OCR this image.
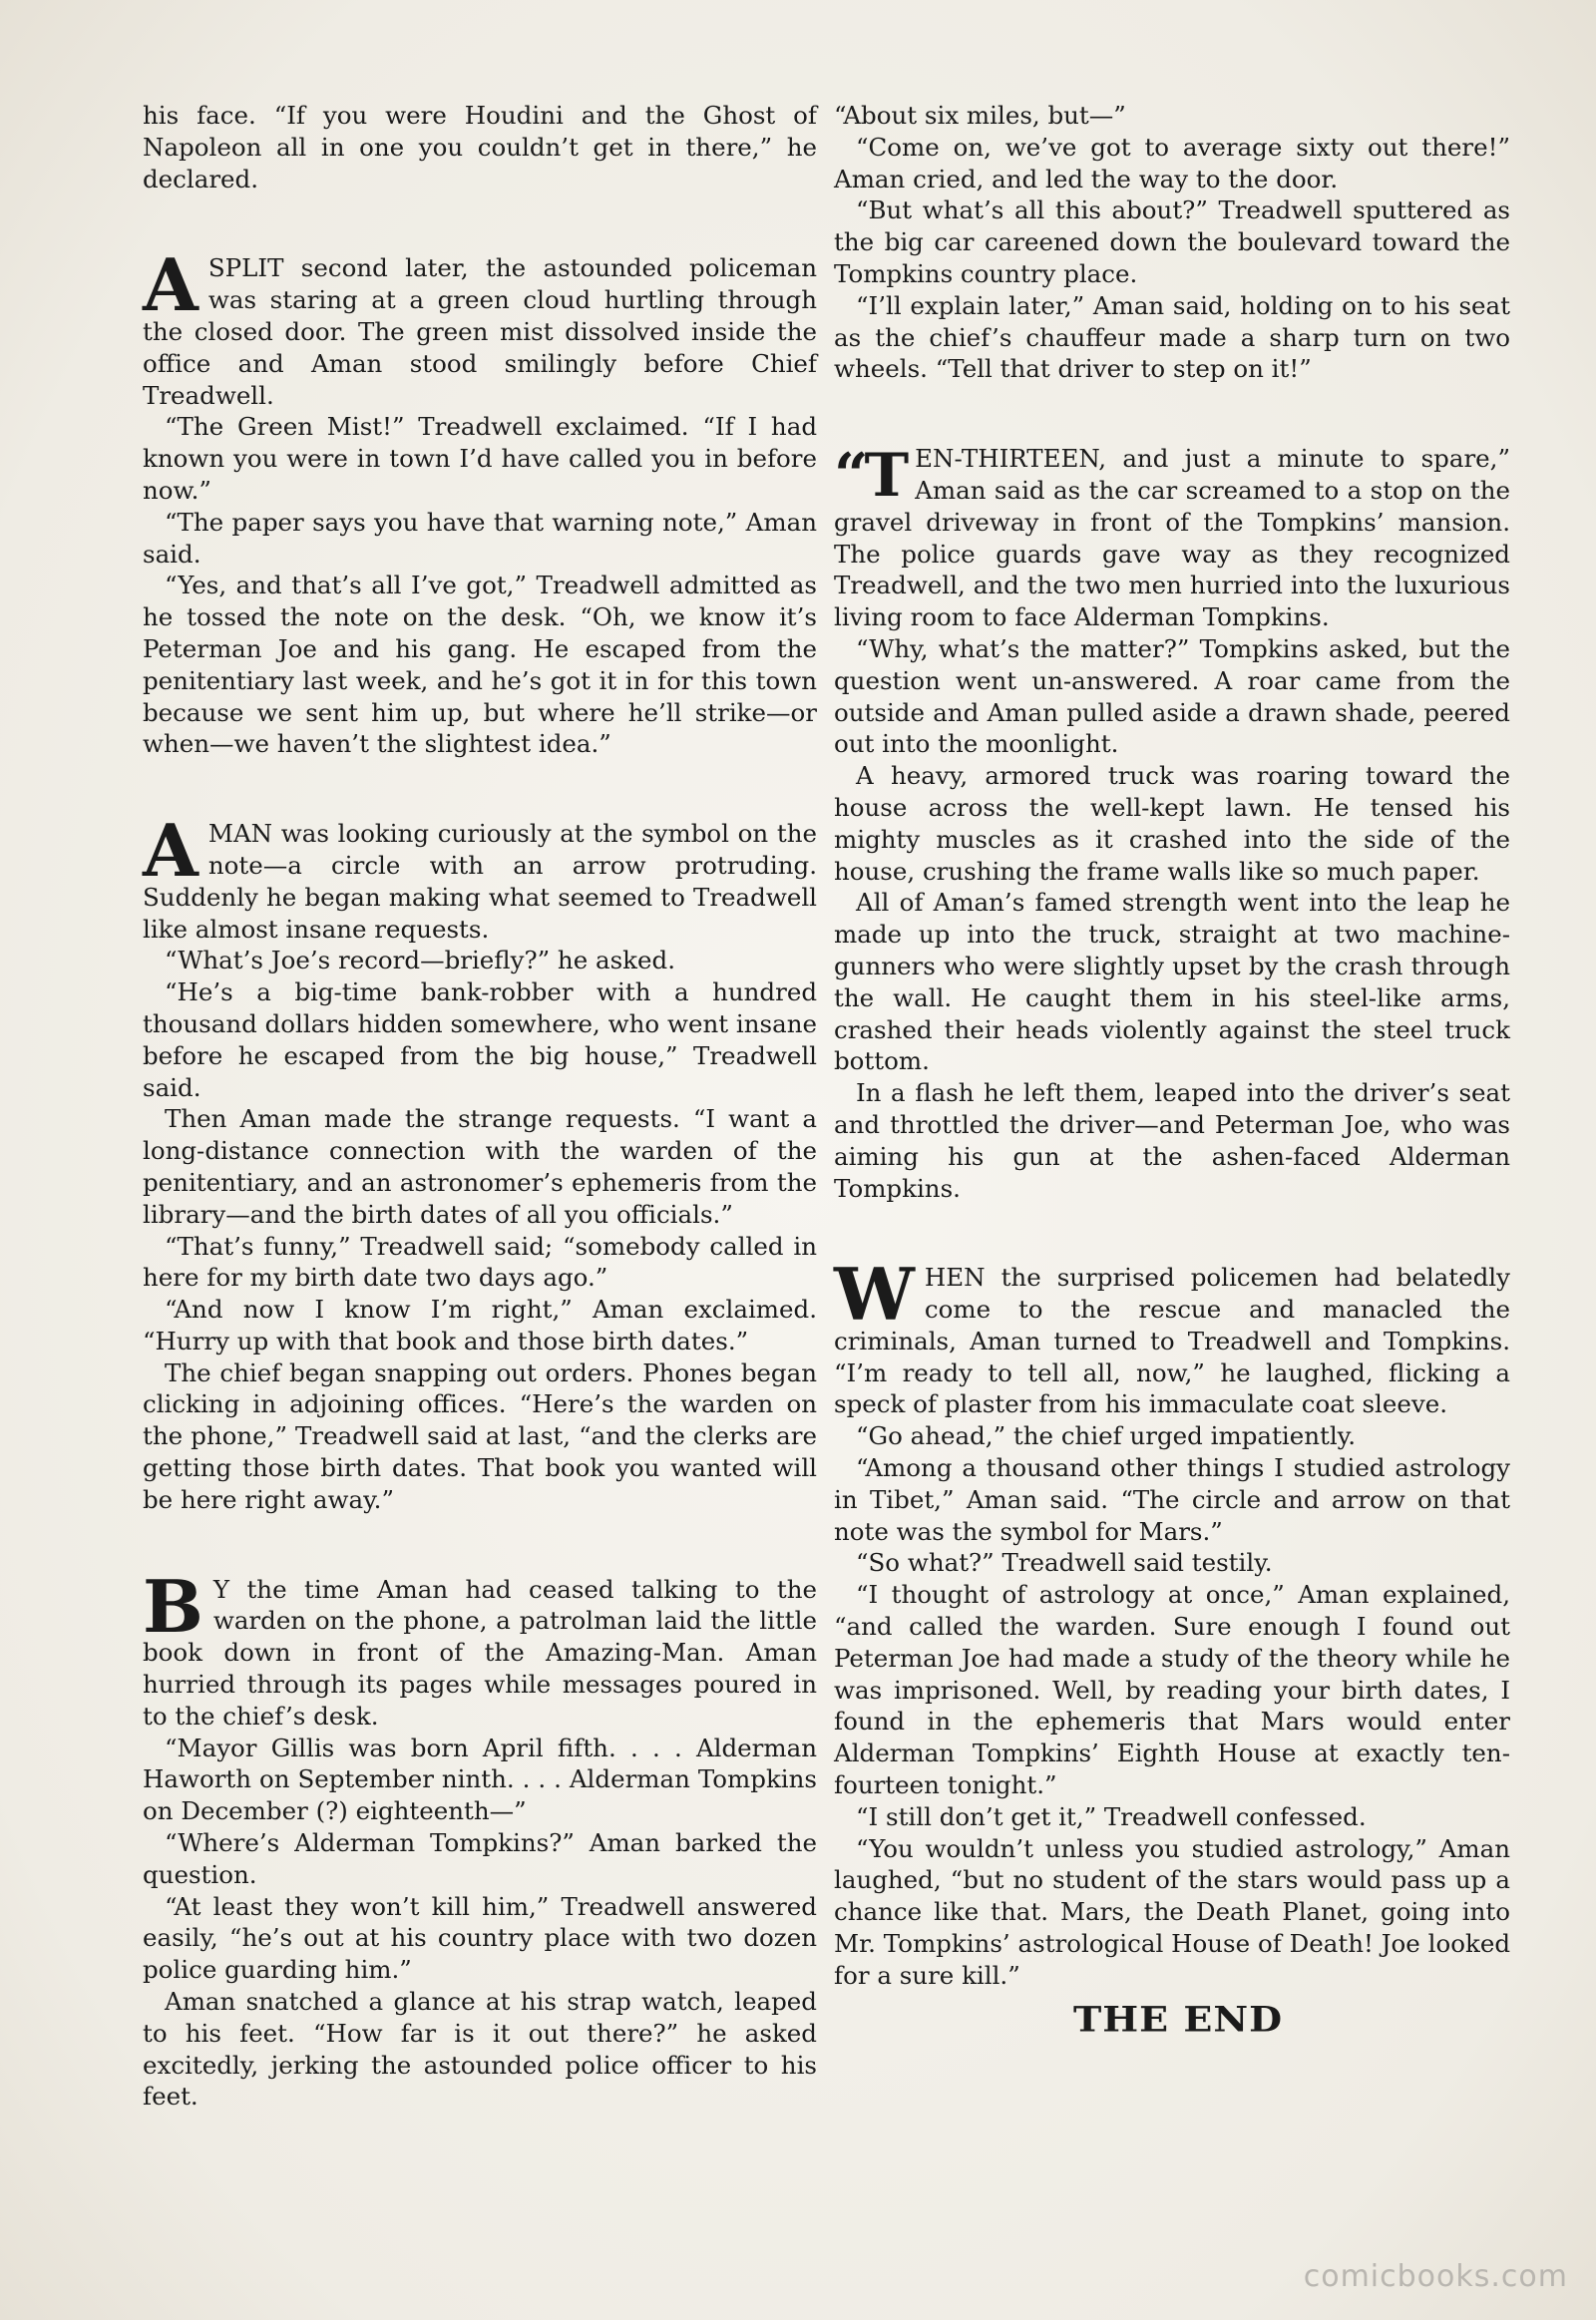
his face. “If you were Houdini and the Ghost of Napoleon all in one you couldn’t get in there,” he declared.

ASPLIT second later, the astounded policeman was staring at a green cloud hurtling through the closed door. The green mist dissolved inside the office and Aman stood smilingly before Chief Treadwell.

“The Green Mist!” Treadwell exclaimed. “If I had known you were in town I’d have called you in before now.”

“The paper says you have that warning note,” Aman said.

“Yes, and that’s all I’ve got,” Treadwell admitted as he tossed the note on the desk. “Oh, we know it’s Peterman Joe and his gang. He escaped from the penitentiary last week, and he’s got it in for this town because we sent him up, but where he’ll strike—or when—we haven’t the slightest idea.”

AMAN was looking curiously at the symbol on the note—a circle with an arrow protruding. Suddenly he began making what seemed to Treadwell like almost insane requests.

“What’s Joe’s record—briefly?” he asked.

“He’s a big-time bank-robber with a hundred thousand dollars hidden somewhere, who went insane before he escaped from the big house,” Treadwell said.

Then Aman made the strange requests. “I want a long-distance connection with the warden of the penitentiary, and an astronomer’s ephemeris from the library—and the birth dates of all you officials.”

“That’s funny,” Treadwell said; “somebody called in here for my birth date two days ago.”

“And now I know I’m right,” Aman exclaimed. “Hurry up with that book and those birth dates.”

The chief began snapping out orders. Phones began clicking in adjoining offices. “Here’s the warden on the phone,” Treadwell said at last, “and the clerks are getting those birth dates. That book you wanted will be here right away.”

B Y the time Aman had ceased talking to the warden on the phone, a patrolman laid the little book down in front of the Amazing-Man. Aman hurried through its pages while messages poured in to the chief’s desk.

“Mayor Gillis was born April fifth. . . . Alderman Haworth on September ninth. . . . Alderman Tompkins on December (?) eighteenth—”

“Where’s Alderman Tompkins?” Aman barked the question.

“At least they won’t kill him,” Treadwell answered easily, “he’s out at his country place with two dozen police guarding him.”

Aman snatched a glance at his strap watch, leaped to his feet. “How far is it out there?” he asked excitedly, jerking the astounded police officer to his feet.

“About six miles, but—”

“Come on, we’ve got to average sixty out there!” Aman cried, and led the way to the door.

“But what’s all this about?” Treadwell sputtered as the big car careened down the boulevard toward the Tompkins country place.

“I’ll explain later,” Aman said, holding on to his seat as the chief’s chauffeur made a sharp turn on two wheels. “Tell that driver to step on it!”

“TEN-THIRTEEN, and just a minute to spare,” Aman said as the car screamed to a stop on the gravel driveway in front of the Tompkins’ mansion. The police guards gave way as they recognized Treadwell, and the two men hurried into the luxurious living room to face Alderman Tompkins.

“Why, what’s the matter?” Tompkins asked, but the question went un-answered. A roar came from the outside and Aman pulled aside a drawn shade, peered out into the moonlight.

A heavy, armored truck was roaring toward the house across the well-kept lawn. He tensed his mighty muscles as it crashed into the side of the house, crushing the frame walls like so much paper.

All of Aman’s famed strength went into the leap he made up into the truck, straight at two machine-gunners who were slightly upset by the crash through the wall. He caught them in his steel-like arms, crashed their heads violently against the steel truck bottom.

In a flash he left them, leaped into the driver’s seat and throttled the driver—and Peterman Joe, who was aiming his gun at the ashen-faced Alderman Tompkins.

WHEN the surprised policemen had belatedly come to the rescue and manacled the criminals, Aman turned to Treadwell and Tompkins. “I’m ready to tell all, now,” he laughed, flicking a speck of plaster from his immaculate coat sleeve.

“Go ahead,” the chief urged impatiently.

“Among a thousand other things I studied astrology in Tibet,” Aman said. “The circle and arrow on that note was the symbol for Mars.”

“So what?” Treadwell said testily.

“I thought of astrology at once,” Aman explained, “and called the warden. Sure enough I found out Peterman Joe had made a study of the theory while he was imprisoned. Well, by reading your birth dates, I found in the ephemeris that Mars would enter Alderman Tompkins’ Eighth House at exactly ten-fourteen tonight.”

“I still don’t get it,” Treadwell confessed.

“You wouldn’t unless you studied astrology,” Aman laughed, “but no student of the stars would pass up a chance like that. Mars, the Death Planet, going into Mr. Tompkins’ astrological House of Death! Joe looked for a sure kill.”

THE END
comicbooks.com
